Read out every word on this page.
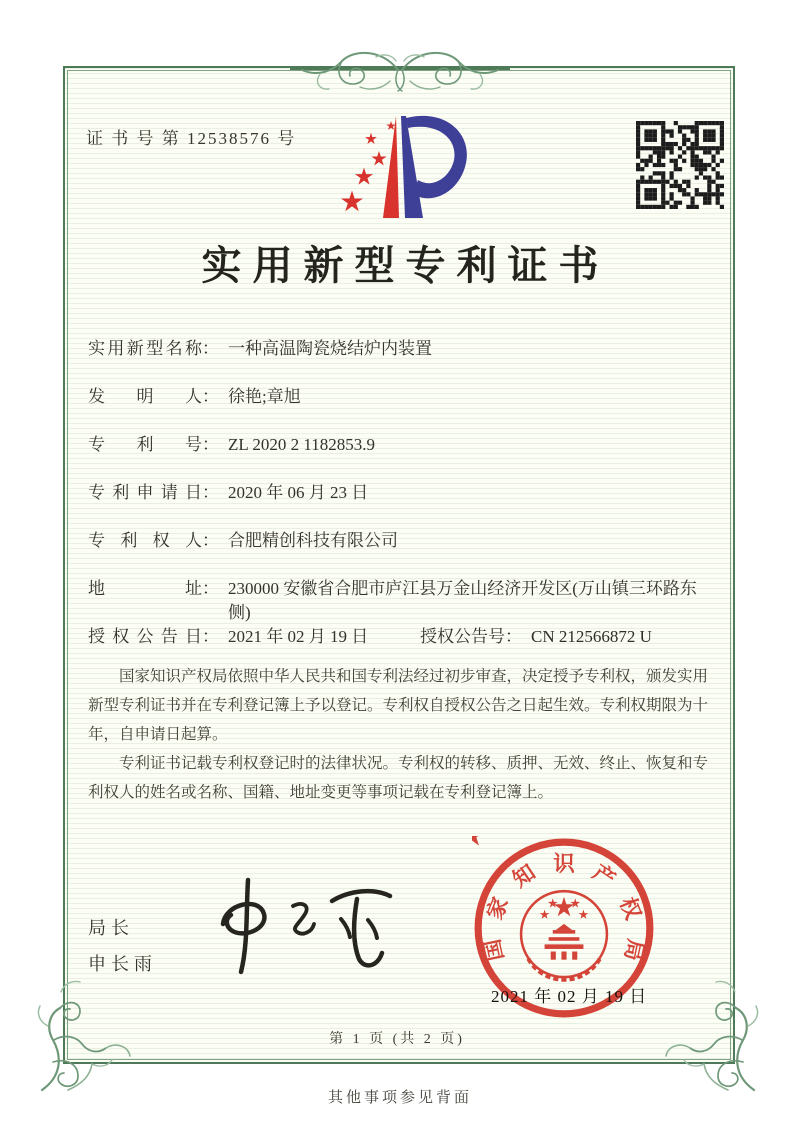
证 书 号 第 12538576 号
实用新型专利证书
实用新型名称： 一种高温陶瓷烧结炉内装置
发明人： 徐艳;章旭
专利号： ZL 2020 2 1182853.9
专利申请日： 2020 年 06 月 23 日
专利权人： 合肥精创科技有限公司
地址： 230000 安徽省合肥市庐江县万金山经济开发区(万山镇三环路东侧)
授权公告日： 2021 年 02 月 19 日	授权公告号： CN 212566872 U

国家知识产权局依照中华人民共和国专利法经过初步审查，决定授予专利权，颁发实用新型专利证书并在专利登记簿上予以登记。专利权自授权公告之日起生效。专利权期限为十年，自申请日起算。

专利证书记载专利权登记时的法律状况。专利权的转移、质押、无效、终止、恢复和专利权人的姓名或名称、国籍、地址变更等事项记载在专利登记簿上。

局长
申长雨
国
家
知 识 产
权
局
2021 年 02 月 19 日
第 1 页 (共 2 页)
其他事项参见背面
